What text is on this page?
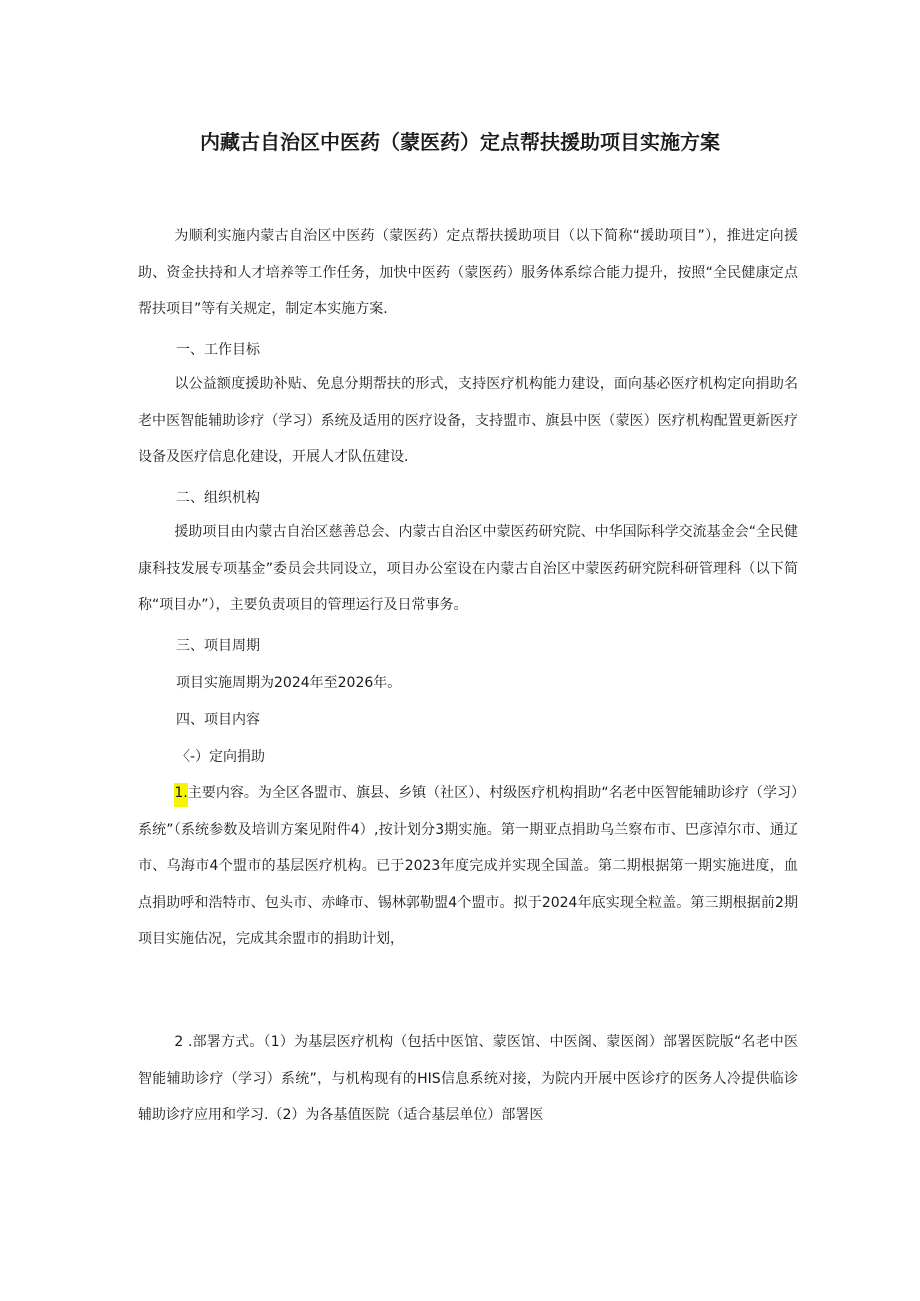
内藏古自治区中医药（蒙医药）定点帮扶援助项目实施方案
为顺利实施内蒙古自治区中医药（蒙医药）定点帮扶援助项目（以下简称“援助项目”），推进定向援助、资金扶持和人才培养等工作任务，加快中医药（蒙医药）服务体系综合能力提升，按照“全民健康定点帮扶项目”等有关规定，制定本实施方案.
一、工作目标
以公益额度援助补贴、免息分期帮扶的形式，支持医疗机构能力建设，面向基必医疗机构定向捐助名老中医智能辅助诊疗（学习）系统及适用的医疗设备，支持盟市、旗县中医（蒙医）医疗机构配置更新医疗设备及医疗信息化建设，开展人才队伍建设.
二、组织机构
援助项目由内蒙古自治区慈善总会、内蒙古自治区中蒙医药研究院、中华国际科学交流基金会“全民健康科技发展专项基金”委员会共同设立，项目办公室设在内蒙古自治区中蒙医药研究院科研管理科（以下简称“项目办”），主要负责项目的管理运行及日常事务。
三、项目周期
项目实施周期为2024年至2026年。
四、项目内容
〈-）定向捐助
1.主要内容。为全区各盟市、旗县、乡镇（社区）、村级医疗机构捐助“名老中医智能辅助诊疗（学习）系统”（系统参数及培训方案见附件4）,按计划分3期实施。第一期亚点捐助乌兰察布市、巴彦淖尔市、通辽市、乌海市4个盟市的基层医疗机构。已于2023年度完成并实现全国盖。第二期根据第一期实施进度，血点捐助呼和浩特市、包头市、赤峰市、锡林郭勒盟4个盟市。拟于2024年底实现全粒盖。第三期根据前2期项目实施估况，完成其余盟市的捐助计划，
2 .部署方式。（1）为基层医疗机构（包括中医馆、蒙医馆、中医阁、蒙医阁）部署医院版“名老中医智能辅助诊疗（学习）系统”，与机构现有的HIS信息系统对接，为院内开展中医诊疗的医务人冷提供临诊辅助诊疗应用和学习.（2）为各基值医院（适合基层单位）部署医
